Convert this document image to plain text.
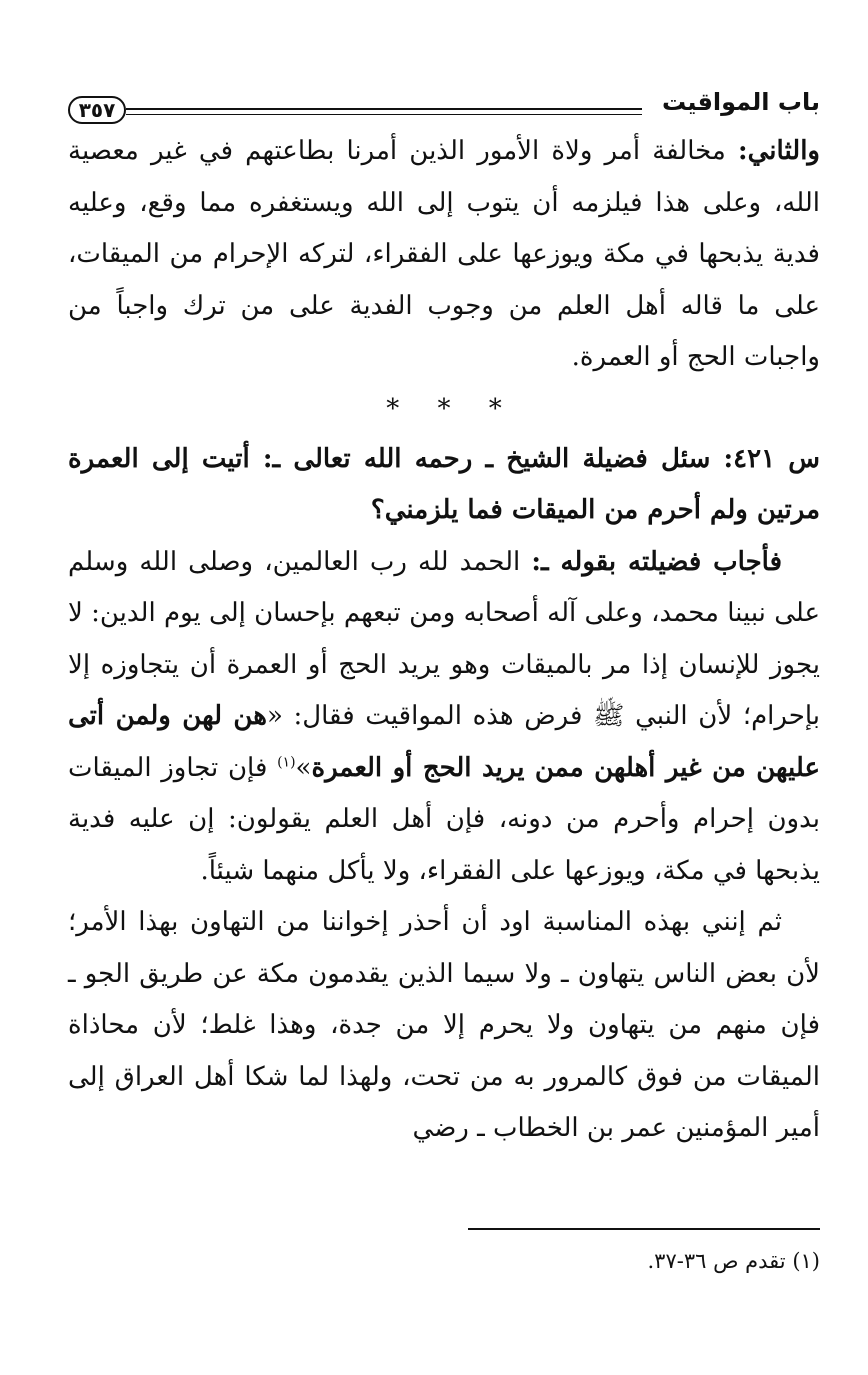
باب المواقيت
٣٥٧

والثاني: مخالفة أمر ولاة الأمور الذين أمرنا بطاعتهم في غير معصية الله، وعلى هذا فيلزمه أن يتوب إلى الله ويستغفره مما وقع، وعليه فدية يذبحها في مكة ويوزعها على الفقراء، لتركه الإحرام من الميقات، على ما قاله أهل العلم من وجوب الفدية على من ترك واجباً من واجبات الحج أو العمرة.

* * *

س ٤٢١: سئل فضيلة الشيخ ـ رحمه الله تعالى ـ: أتيت إلى العمرة مرتين ولم أحرم من الميقات فما يلزمني؟

فأجاب فضيلته بقوله ـ: الحمد لله رب العالمين، وصلى الله وسلم على نبينا محمد، وعلى آله أصحابه ومن تبعهم بإحسان إلى يوم الدين: لا يجوز للإنسان إذا مر بالميقات وهو يريد الحج أو العمرة أن يتجاوزه إلا بإحرام؛ لأن النبي ﷺ فرض هذه المواقيت فقال: «هن لهن ولمن أتى عليهن من غير أهلهن ممن يريد الحج أو العمرة»$^{(١)}$ فإن تجاوز الميقات بدون إحرام وأحرم من دونه، فإن أهل العلم يقولون: إن عليه فدية يذبحها في مكة، ويوزعها على الفقراء، ولا يأكل منهما شيئاً.

ثم إنني بهذه المناسبة اود أن أحذر إخواننا من التهاون بهذا الأمر؛ لأن بعض الناس يتهاون ـ ولا سيما الذين يقدمون مكة عن طريق الجو ـ فإن منهم من يتهاون ولا يحرم إلا من جدة، وهذا غلط؛ لأن محاذاة الميقات من فوق كالمرور به من تحت، ولهذا لما شكا أهل العراق إلى أمير المؤمنين عمر بن الخطاب ـ رضي

(١) تقدم ص ٣٦-٣٧.
